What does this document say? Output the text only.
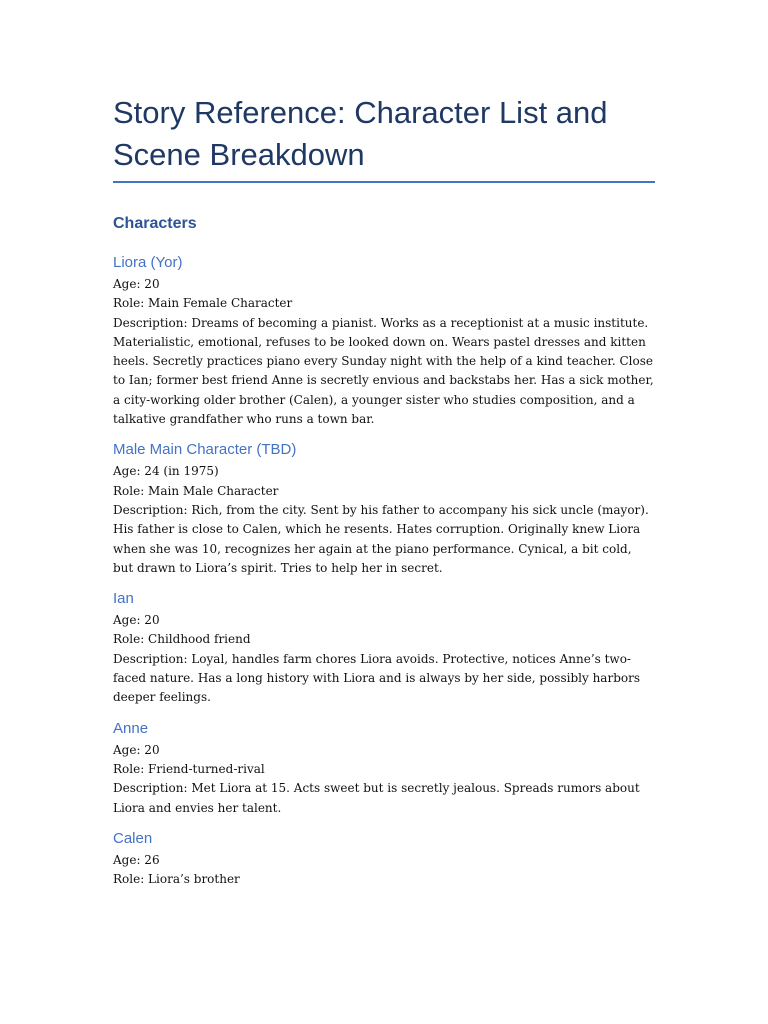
Story Reference: Character List and
Scene Breakdown
Characters
Liora (Yor)

Age: 20

Role: Main Female Character

Description: Dreams of becoming a pianist. Works as a receptionist at a music institute. Materialistic, emotional, refuses to be looked down on. Wears pastel dresses and kitten heels. Secretly practices piano every Sunday night with the help of a kind teacher. Close to Ian; former best friend Anne is secretly envious and backstabs her. Has a sick mother, a city-working older brother (Calen), a younger sister who studies composition, and a talkative grandfather who runs a town bar.

Male Main Character (TBD)

Age: 24 (in 1975)

Role: Main Male Character

Description: Rich, from the city. Sent by his father to accompany his sick uncle (mayor). His father is close to Calen, which he resents. Hates corruption. Originally knew Liora when she was 10, recognizes her again at the piano performance. Cynical, a bit cold, but drawn to Liora’s spirit. Tries to help her in secret.

Ian

Age: 20

Role: Childhood friend

Description: Loyal, handles farm chores Liora avoids. Protective, notices Anne’s two-faced nature. Has a long history with Liora and is always by her side, possibly harbors deeper feelings.

Anne

Age: 20

Role: Friend-turned-rival

Description: Met Liora at 15. Acts sweet but is secretly jealous. Spreads rumors about Liora and envies her talent.

Calen

Age: 26

Role: Liora’s brother
